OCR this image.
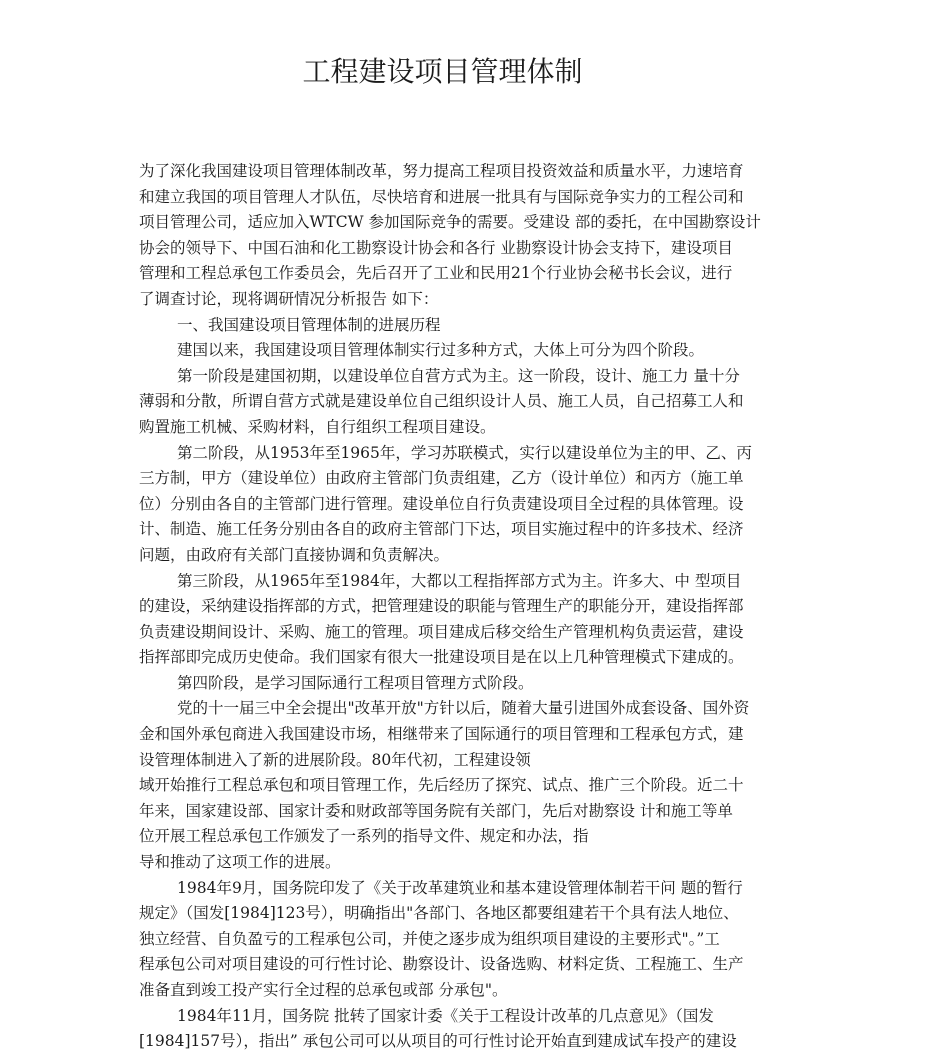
工程建设项目管理体制
为了深化我国建设项目管理体制改革，努力提高工程项目投资效益和质量水平，力速培育
和建立我国的项目管理人才队伍，尽快培育和进展一批具有与国际竞争实力的工程公司和
项目管理公司，适应加入WTCW 参加国际竞争的需要。受建设 部的委托，在中国勘察设计
协会的领导下、中国石油和化工勘察设计协会和各行 业勘察设计协会支持下，建设项目
管理和工程总承包工作委员会，先后召开了工业和民用21个行业协会秘书长会议，进行
了调查讨论，现将调研情况分析报告 如下：
一、我国建设项目管理体制的进展历程
建国以来，我国建设项目管理体制实行过多种方式，大体上可分为四个阶段。
第一阶段是建国初期，以建设单位自营方式为主。这一阶段，设计、施工力 量十分
薄弱和分散，所谓自营方式就是建设单位自己组织设计人员、施工人员，自己招募工人和
购置施工机械、采购材料，自行组织工程项目建设。
第二阶段，从1953年至1965年，学习苏联模式，实行以建设单位为主的甲、乙、丙
三方制，甲方（建设单位）由政府主管部门负责组建，乙方（设计单位）和丙方（施工单
位）分别由各自的主管部门进行管理。建设单位自行负责建设项目全过程的具体管理。设
计、制造、施工任务分别由各自的政府主管部门下达，项目实施过程中的许多技术、经济
问题，由政府有关部门直接协调和负责解决。
第三阶段，从1965年至1984年，大都以工程指挥部方式为主。许多大、中 型项目
的建设，采纳建设指挥部的方式，把管理建设的职能与管理生产的职能分开，建设指挥部
负责建设期间设计、采购、施工的管理。项目建成后移交给生产管理机构负责运营，建设
指挥部即完成历史使命。我们国家有很大一批建设项目是在以上几种管理模式下建成的。
第四阶段，是学习国际通行工程项目管理方式阶段。
党的十一届三中全会提出"改革开放"方针以后，随着大量引进国外成套设备、国外资
金和国外承包商进入我国建设市场，相继带来了国际通行的项目管理和工程承包方式，建
设管理体制进入了新的进展阶段。80年代初，工程建设领
域开始推行工程总承包和项目管理工作，先后经历了探究、试点、推广三个阶段。近二十
年来，国家建设部、国家计委和财政部等国务院有关部门，先后对勘察设 计和施工等单
位开展工程总承包工作颁发了一系列的指导文件、规定和办法，指
导和推动了这项工作的进展。
1984年9月，国务院印发了《关于改革建筑业和基本建设管理体制若干问 题的暂行
规定》（国发[1984]123号），明确指出"各部门、各地区都要组建若干个具有法人地位、
独立经营、自负盈亏的工程承包公司，并使之逐步成为组织项目建设的主要形式"。”工
程承包公司对项目建设的可行性讨论、勘察设计、设备选购、材料定货、工程施工、生产
准备直到竣工投产实行全过程的总承包或部 分承包"。
1984年11月，国务院 批转了国家计委《关于工程设计改革的几点意见》（国发
[1984]157号），指出” 承包公司可以从项目的可行性讨论开始直到建成试车投产的建设
